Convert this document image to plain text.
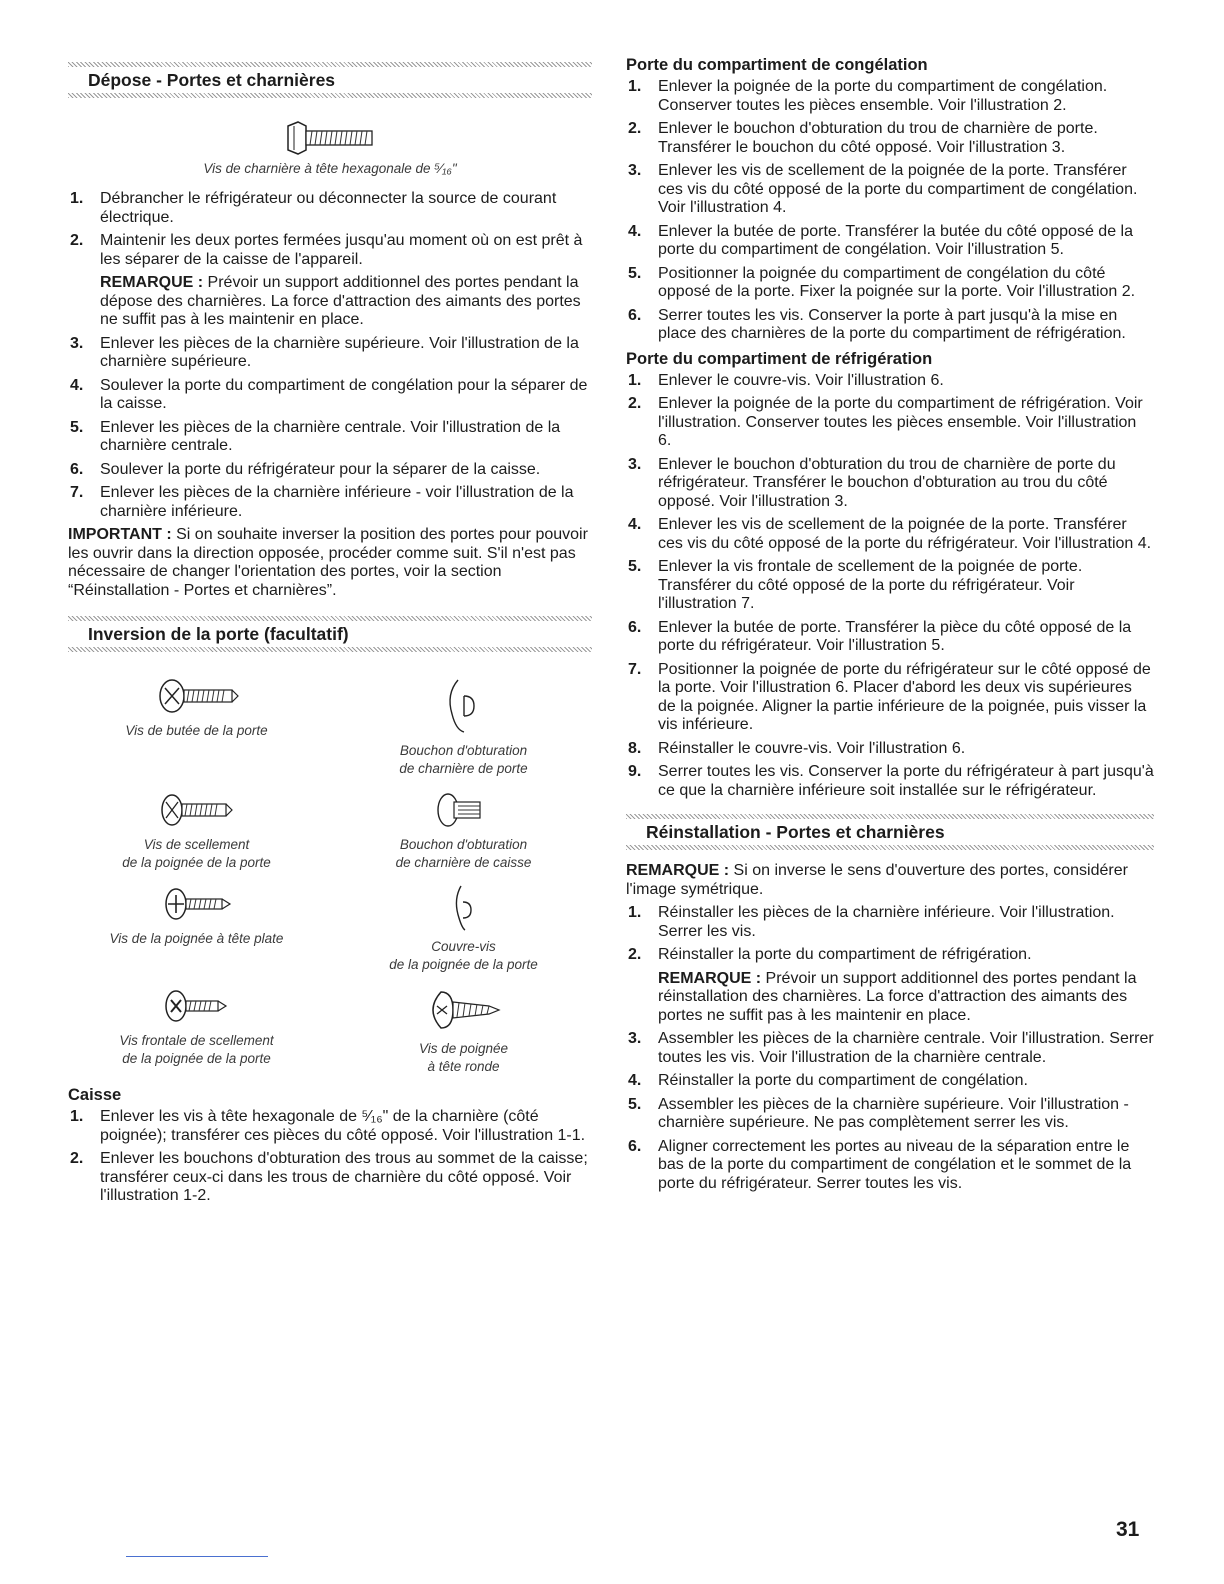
Dépose - Portes et charnières
Vis de charnière à tête hexagonale de ⁵⁄₁₆"
1. Débrancher le réfrigérateur ou déconnecter la source de courant électrique.
2. Maintenir les deux portes fermées jusqu'au moment où on est prêt à les séparer de la caisse de l'appareil.

REMARQUE : Prévoir un support additionnel des portes pendant la dépose des charnières. La force d'attraction des aimants des portes ne suffit pas à les maintenir en place.

3. Enlever les pièces de la charnière supérieure. Voir l'illustration de la charnière supérieure.
4. Soulever la porte du compartiment de congélation pour la séparer de la caisse.
5. Enlever les pièces de la charnière centrale. Voir l'illustration de la charnière centrale.
6. Soulever la porte du réfrigérateur pour la séparer de la caisse.
7. Enlever les pièces de la charnière inférieure - voir l'illustration de la charnière inférieure.

IMPORTANT : Si on souhaite inverser la position des portes pour pouvoir les ouvrir dans la direction opposée, procéder comme suit. S'il n'est pas nécessaire de changer l'orientation des portes, voir la section “Réinstallation - Portes et charnières”.

Inversion de la porte (facultatif)
Vis de butée de la porte
Bouchon d'obturation
de charnière de porte
Vis de scellement
de la poignée de la porte
Bouchon d'obturation
de charnière de caisse
Vis de la poignée à tête plate
Couvre-vis
de la poignée de la porte
Vis frontale de scellement
de la poignée de la porte
Vis de poignée
à tête ronde
Caisse
1. Enlever les vis à tête hexagonale de ⁵⁄₁₆" de la charnière (côté poignée); transférer ces pièces du côté opposé. Voir l'illustration 1-1.
2. Enlever les bouchons d'obturation des trous au sommet de la caisse; transférer ceux-ci dans les trous de charnière du côté opposé. Voir l'illustration 1-2.
Porte du compartiment de congélation
1. Enlever la poignée de la porte du compartiment de congélation. Conserver toutes les pièces ensemble. Voir l'illustration 2.
2. Enlever le bouchon d'obturation du trou de charnière de porte. Transférer le bouchon du côté opposé. Voir l'illustration 3.
3. Enlever les vis de scellement de la poignée de la porte. Transférer ces vis du côté opposé de la porte du compartiment de congélation. Voir l'illustration 4.
4. Enlever la butée de porte. Transférer la butée du côté opposé de la porte du compartiment de congélation. Voir l'illustration 5.
5. Positionner la poignée du compartiment de congélation du côté opposé de la porte. Fixer la poignée sur la porte. Voir l'illustration 2.
6. Serrer toutes les vis. Conserver la porte à part jusqu'à la mise en place des charnières de la porte du compartiment de réfrigération.
Porte du compartiment de réfrigération
1. Enlever le couvre-vis. Voir l'illustration 6.
2. Enlever la poignée de la porte du compartiment de réfrigération. Voir l'illustration. Conserver toutes les pièces ensemble. Voir l'illustration 6.
3. Enlever le bouchon d'obturation du trou de charnière de porte du réfrigérateur. Transférer le bouchon d'obturation au trou du côté opposé. Voir l'illustration 3.
4. Enlever les vis de scellement de la poignée de la porte. Transférer ces vis du côté opposé de la porte du réfrigérateur. Voir l'illustration 4.
5. Enlever la vis frontale de scellement de la poignée de porte. Transférer du côté opposé de la porte du réfrigérateur. Voir l'illustration 7.
6. Enlever la butée de porte. Transférer la pièce du côté opposé de la porte du réfrigérateur. Voir l'illustration 5.
7. Positionner la poignée de porte du réfrigérateur sur le côté opposé de la porte. Voir l'illustration 6. Placer d'abord les deux vis supérieures de la poignée. Aligner la partie inférieure de la poignée, puis visser la vis inférieure.
8. Réinstaller le couvre-vis. Voir l'illustration 6.
9. Serrer toutes les vis. Conserver la porte du réfrigérateur à part jusqu'à ce que la charnière inférieure soit installée sur le réfrigérateur.
Réinstallation - Portes et charnières

REMARQUE : Si on inverse le sens d'ouverture des portes, considérer l'image symétrique.

1. Réinstaller les pièces de la charnière inférieure. Voir l'illustration. Serrer les vis.
2. Réinstaller la porte du compartiment de réfrigération.

REMARQUE : Prévoir un support additionnel des portes pendant la réinstallation des charnières. La force d'attraction des aimants des portes ne suffit pas à les maintenir en place.

3. Assembler les pièces de la charnière centrale. Voir l'illustration. Serrer toutes les vis. Voir l'illustration de la charnière centrale.
4. Réinstaller la porte du compartiment de congélation.
5. Assembler les pièces de la charnière supérieure. Voir l'illustration - charnière supérieure. Ne pas complètement serrer les vis.
6. Aligner correctement les portes au niveau de la séparation entre le bas de la porte du compartiment de congélation et le sommet de la porte du réfrigérateur. Serrer toutes les vis.
31
